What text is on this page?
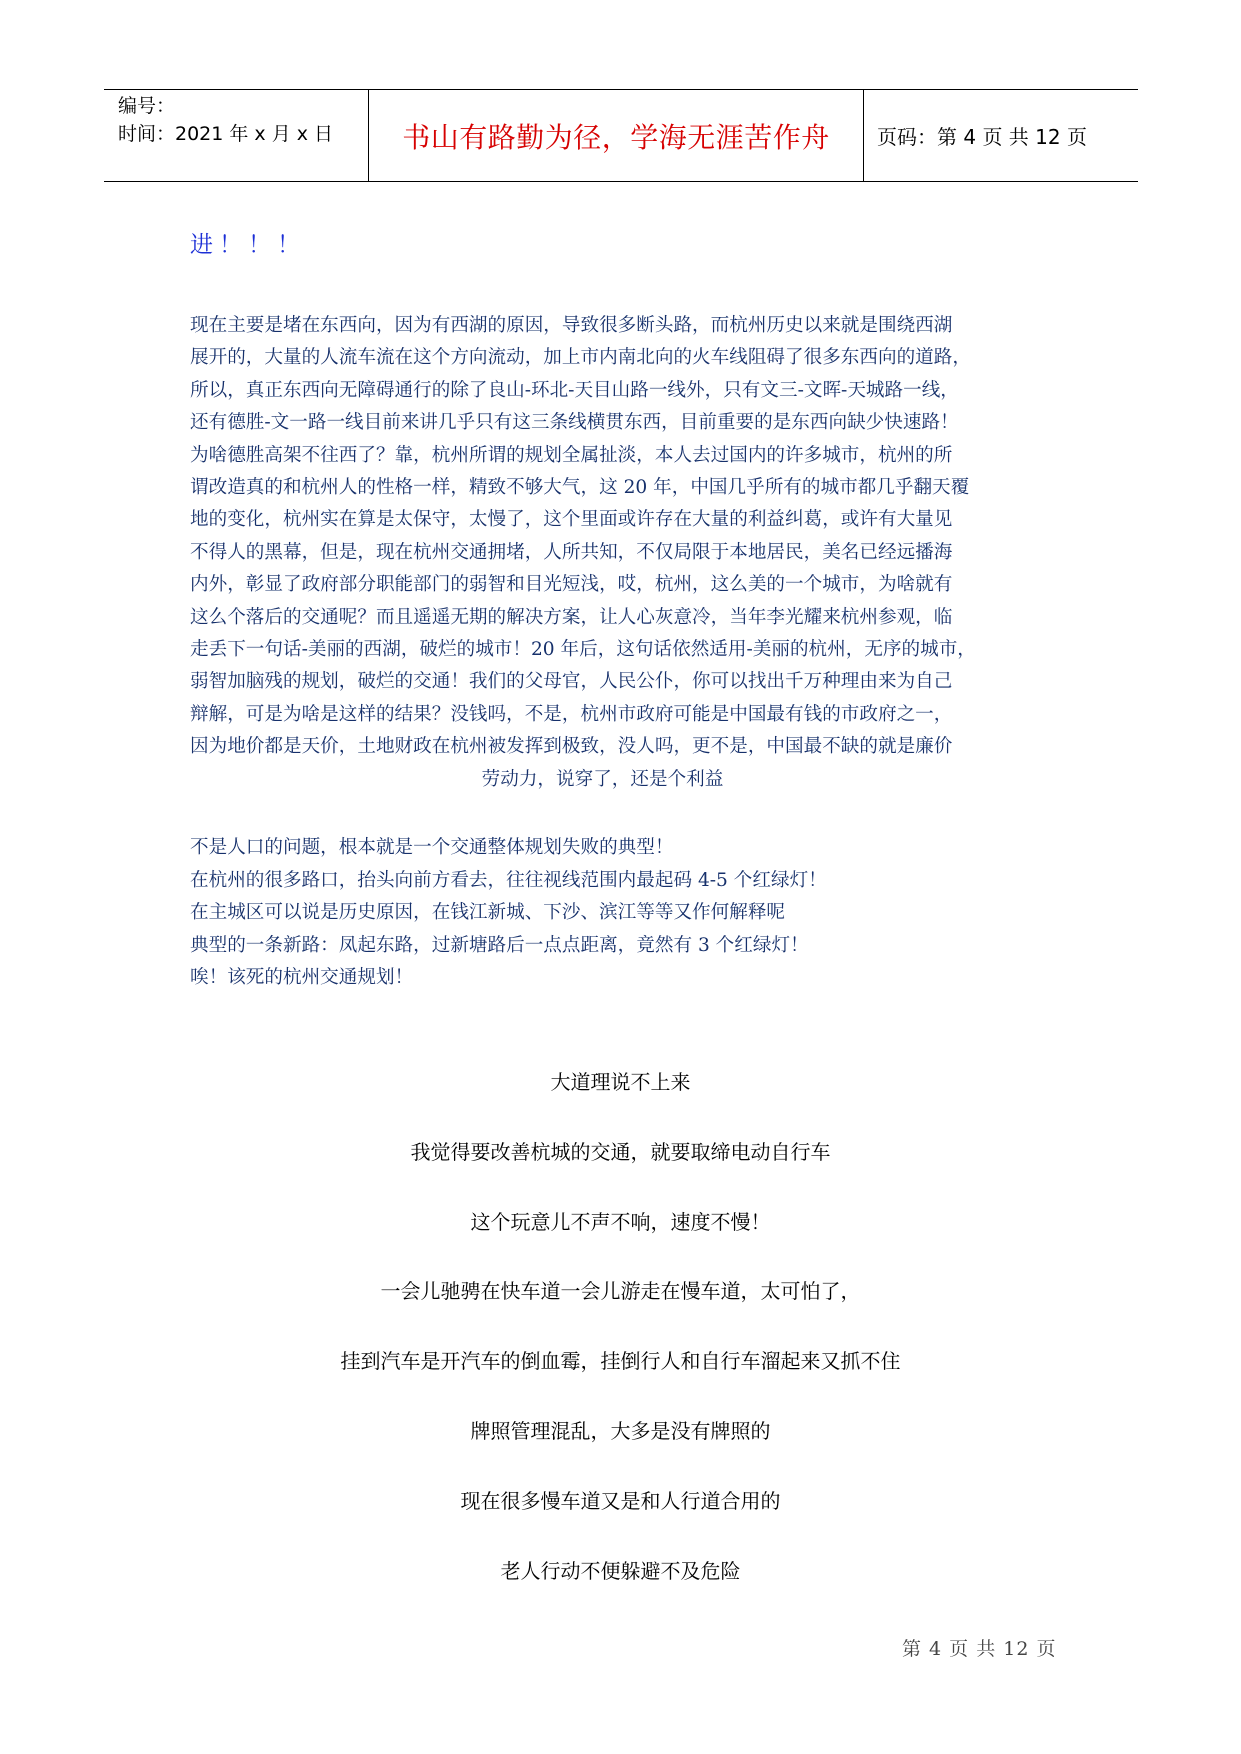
编号：
时间：2021 年 x 月 x 日	书山有路勤为径，学海无涯苦作舟	页码：第 4 页 共 12 页
进！！！
现在主要是堵在东西向，因为有西湖的原因，导致很多断头路，而杭州历史以来就是围绕西湖
展开的，大量的人流车流在这个方向流动，加上市内南北向的火车线阻碍了很多东西向的道路，
所以，真正东西向无障碍通行的除了良山-环北-天目山路一线外，只有文三-文晖-天城路一线，
还有德胜-文一路一线目前来讲几乎只有这三条线横贯东西，目前重要的是东西向缺少快速路！
为啥德胜高架不往西了？靠，杭州所谓的规划全属扯淡，本人去过国内的许多城市，杭州的所
谓改造真的和杭州人的性格一样，精致不够大气，这 20 年，中国几乎所有的城市都几乎翻天覆
地的变化，杭州实在算是太保守，太慢了，这个里面或许存在大量的利益纠葛，或许有大量见
不得人的黑幕，但是，现在杭州交通拥堵，人所共知，不仅局限于本地居民，美名已经远播海
内外，彰显了政府部分职能部门的弱智和目光短浅，哎，杭州，这么美的一个城市，为啥就有
这么个落后的交通呢？而且遥遥无期的解决方案，让人心灰意冷，当年李光耀来杭州参观，临
走丢下一句话-美丽的西湖，破烂的城市！20 年后，这句话依然适用-美丽的杭州，无序的城市，
弱智加脑残的规划，破烂的交通！我们的父母官，人民公仆，你可以找出千万种理由来为自己
辩解，可是为啥是这样的结果？没钱吗，不是，杭州市政府可能是中国最有钱的市政府之一，
因为地价都是天价，土地财政在杭州被发挥到极致，没人吗，更不是，中国最不缺的就是廉价
劳动力，说穿了，还是个利益
不是人口的问题，根本就是一个交通整体规划失败的典型！
在杭州的很多路口，抬头向前方看去，往往视线范围内最起码 4-5 个红绿灯！
在主城区可以说是历史原因，在钱江新城、下沙、滨江等等又作何解释呢
典型的一条新路：凤起东路，过新塘路后一点点距离，竟然有 3 个红绿灯！
唉！该死的杭州交通规划！
大道理说不上来
我觉得要改善杭城的交通，就要取缔电动自行车
这个玩意儿不声不响，速度不慢！
一会儿驰骋在快车道一会儿游走在慢车道，太可怕了，
挂到汽车是开汽车的倒血霉，挂倒行人和自行车溜起来又抓不住
牌照管理混乱，大多是没有牌照的
现在很多慢车道又是和人行道合用的
老人行动不便躲避不及危险
第 4 页 共 12 页
